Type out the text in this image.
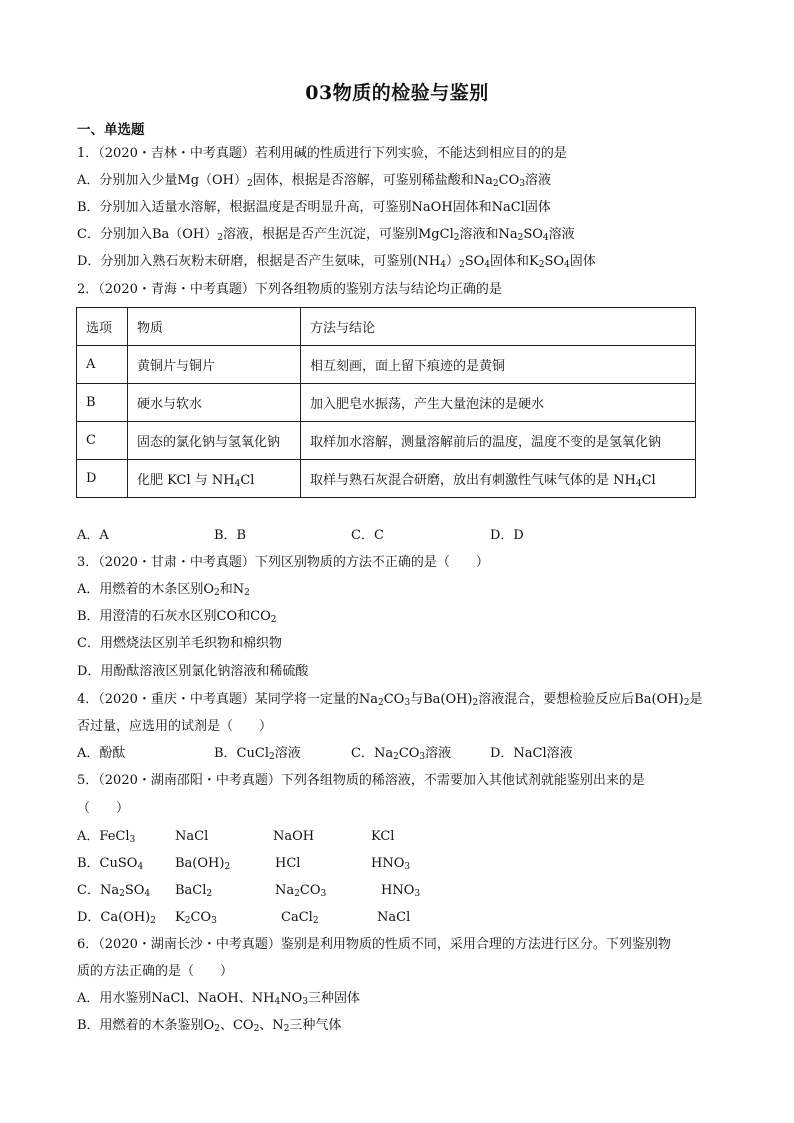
03物质的检验与鉴别
一、单选题
1．（2020・吉林・中考真题）若利用碱的性质进行下列实验，不能达到相应目的的是
A．分别加入少量$Mg(OH)_2$固体，根据是否溶解，可鉴别稀盐酸和$Na_2CO_3$溶液
B．分别加入适量水溶解，根据温度是否明显升高，可鉴别NaOH固体和NaCl固体
C．分别加入$Ba(OH)_2$溶液，根据是否产生沉淀，可鉴别MgCl$_2$溶液和$Na_2SO_4$溶液
D．分别加入熟石灰粉末研磨，根据是否产生氨味，可鉴别$(NH_4)_2SO_4$固体和$K_2SO_4$固体
2．（2020・青海・中考真题）下列各组物质的鉴别方法与结论均正确的是
选项	物质	方法与结论
A	黄铜片与铜片	相互刻画，面上留下痕迹的是黄铜
B	硬水与软水	加入肥皂水振荡，产生大量泡沫的是硬水
C	固态的氯化钠与氢氧化钠	取样加水溶解，测量溶解前后的温度，温度不变的是氢氧化钠
D	化肥 KCl 与 $NH_4Cl$	取样与熟石灰混合研磨，放出有刺激性气味气体的是 $NH_4Cl$
A．A	B．B	C．C	D．D
3．（2020・甘肃・中考真题）下列区别物质的方法不正确的是（　　）
A．用燃着的木条区别$O_2$和$N_2$
B．用澄清的石灰水区别CO和$CO_2$
C．用燃烧法区别羊毛织物和棉织物
D．用酚酞溶液区别氯化钠溶液和稀硫酸
4．（2020・重庆・中考真题）某同学将一定量的$Na_2CO_3$与$Ba(OH)_2$溶液混合，要想检验反应后$Ba(OH)_2$是
否过量，应选用的试剂是（　　）
A．酚酞	B．CuCl$_2$溶液	C．$Na_2CO_3$溶液	D．NaCl溶液
5．（2020・湖南邵阳・中考真题）下列各组物质的稀溶液，不需要加入其他试剂就能鉴别出来的是
（　　）
A．FeCl$_3$	NaCl	NaOH	KCl
B．CuSO$_4$ $Ba(OH)_2$	HCl	$HNO_3$
C．$Na_2SO_4$ BaCl$_2$	$Na_2CO_3$	$HNO_3$
D．$Ca(OH)_2$ $K_2CO_3$	CaCl$_2$	NaCl
6．（2020・湖南长沙・中考真题）鉴别是利用物质的性质不同，采用合理的方法进行区分。下列鉴别物
质的方法正确的是（　　）
A．用水鉴别NaCl、NaOH、$NH_4NO_3$三种固体
B．用燃着的木条鉴别$O_2$、$CO_2$、$N_2$三种气体
